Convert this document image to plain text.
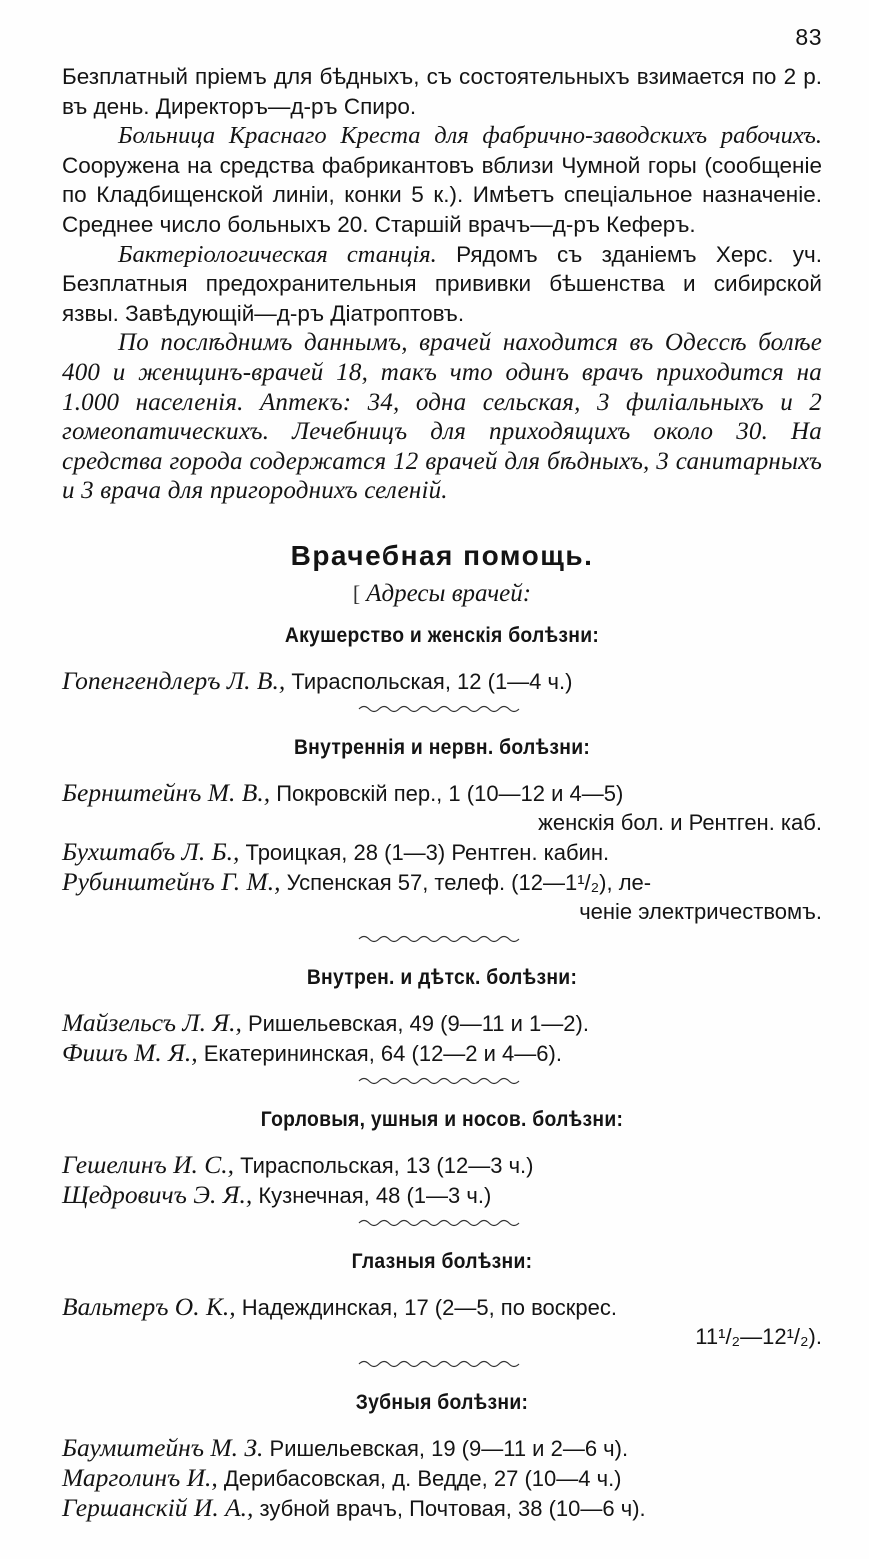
83

Безплатный пріемъ для бѣдныхъ, съ состоятельныхъ взимается по 2 р. въ день. Директоръ—д-ръ Спиро.

Больница Краснаго Креста для фабрично-заводскихъ рабочихъ. Сооружена на средства фабрикантовъ вблизи Чумной горы (сообщеніе по Кладбищенской линіи, конки 5 к.). Имѣетъ спеціальное назначеніе. Среднее число больныхъ 20. Старшій врачъ—д-ръ Кеферъ.

Бактеріологическая станція. Рядомъ съ зданіемъ Херс. уч. Безплатныя предохранительныя прививки бѣшенства и сибирской язвы. Завѣдующій—д-ръ Діатроптовъ.

По послѣднимъ даннымъ, врачей находится въ Одессѣ болѣе 400 и женщинъ-врачей 18, такъ что одинъ врачъ приходится на 1.000 населенія. Аптекъ: 34, одна сельская, 3 филіальныхъ и 2 гомеопатическихъ. Лечебницъ для приходящихъ около 30. На средства города содержатся 12 врачей для бѣдныхъ, 3 санитарныхъ и 3 врача для пригороднихъ селеній.

Врачебная помощь.
[ Адресы врачей:
Акушерство и женскія болѣзни:

Гопенгендлеръ Л. В., Тираспольская, 12 (1—4 ч.)

Внутреннія и нервн. болѣзни:

Бернштейнъ М. В., Покровскій пер., 1 (10—12 и 4—5)

женскія бол. и Рентген. каб.

Бухштабъ Л. Б., Троицкая, 28 (1—3) Рентген. кабин.

Рубинштейнъ Г. М., Успенская 57, телеф. (12—1¹/₂), ле-

ченіе электричествомъ.

Внутрен. и дѣтск. болѣзни:

Майзельсъ Л. Я., Ришельевская, 49 (9—11 и 1—2).

Фишъ М. Я., Екатерининская, 64 (12—2 и 4—6).

Горловыя, ушныя и носов. болѣзни:

Гешелинъ И. С., Тираспольская, 13 (12—3 ч.)

Щедровичъ Э. Я., Кузнечная, 48 (1—3 ч.)

Глазныя болѣзни:

Вальтеръ О. К., Надеждинская, 17 (2—5, по воскрес.

11¹/₂—12¹/₂).

Зубныя болѣзни:

Баумштейнъ М. З. Ришельевская, 19 (9—11 и 2—6 ч).

Марголинъ И., Дерибасовская, д. Ведде, 27 (10—4 ч.)

Гершанскій И. А., зубной врачъ, Почтовая, 38 (10—6 ч).
